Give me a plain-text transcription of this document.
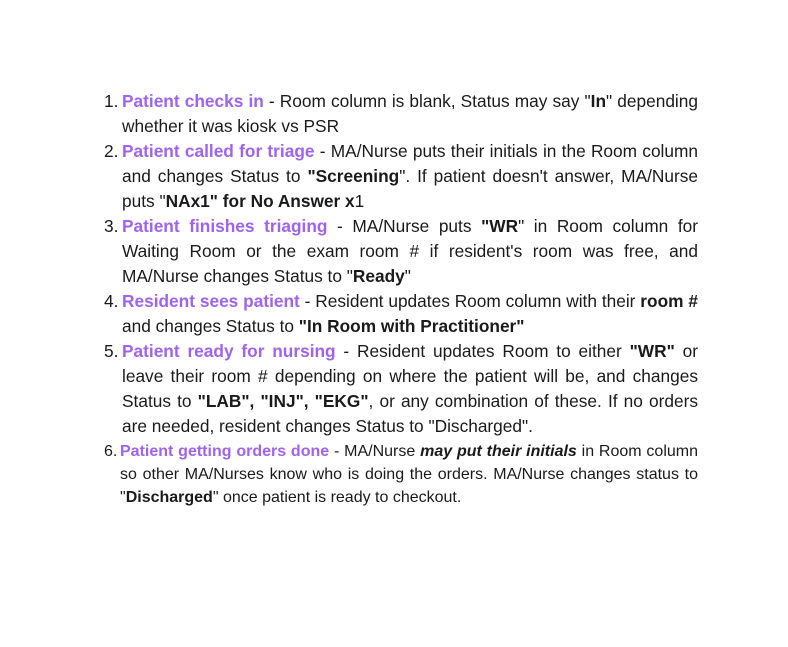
1. Patient checks in - Room column is blank, Status may say "In" depending whether it was kiosk vs PSR
2. Patient called for triage - MA/Nurse puts their initials in the Room column and changes Status to "Screening". If patient doesn't answer, MA/Nurse puts "NAx1" for No Answer x1
3. Patient finishes triaging - MA/Nurse puts "WR" in Room column for Waiting Room or the exam room # if resident's room was free, and MA/Nurse changes Status to "Ready"
4. Resident sees patient - Resident updates Room column with their room # and changes Status to "In Room with Practitioner"
5. Patient ready for nursing - Resident updates Room to either "WR" or leave their room # depending on where the patient will be, and changes Status to "LAB", "INJ", "EKG", or any combination of these. If no orders are needed, resident changes Status to "Discharged".
6. Patient getting orders done - MA/Nurse may put their initials in Room column so other MA/Nurses know who is doing the orders. MA/Nurse changes status to "Discharged" once patient is ready to checkout.
